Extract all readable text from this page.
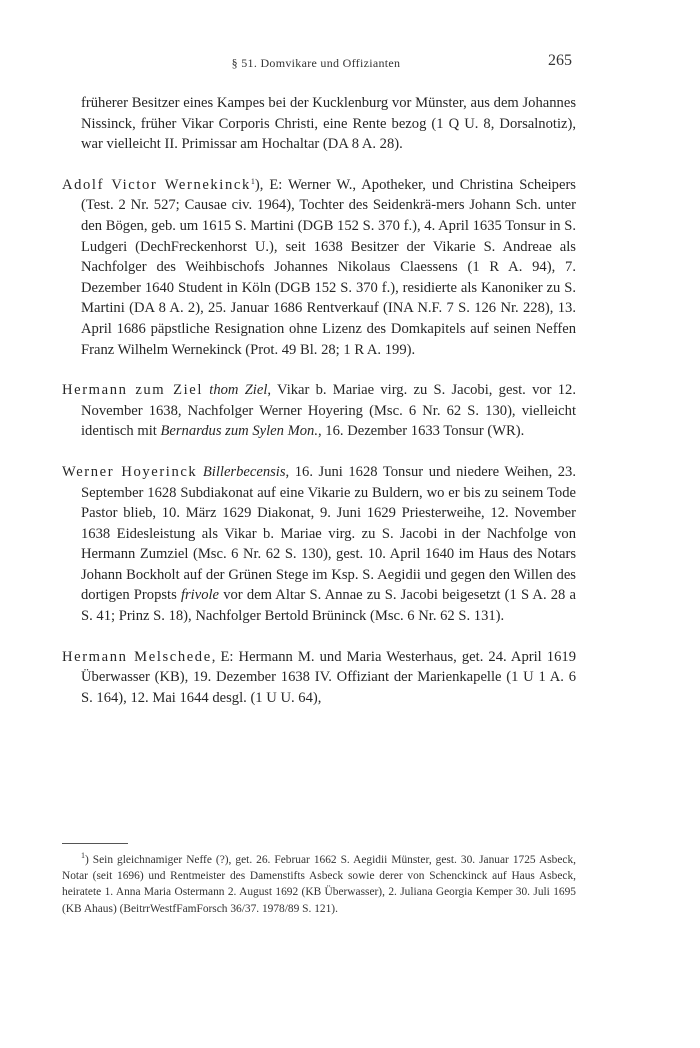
§ 51. Domvikare und Offizianten	265

früherer Besitzer eines Kampes bei der Kucklenburg vor Münster, aus dem Johannes Nissinck, früher Vikar Corporis Christi, eine Rente bezog (1 Q U. 8, Dorsalnotiz), war vielleicht II. Primissar am Hochaltar (DA 8 A. 28).

Adolf Victor Wernekinck$^1$), E: Werner W., Apotheker, und Christina Scheipers (Test. 2 Nr. 527; Causae civ. 1964), Tochter des Seidenkrä-mers Johann Sch. unter den Bögen, geb. um 1615 S. Martini (DGB 152 S. 370 f.), 4. April 1635 Tonsur in S. Ludgeri (DechFreckenhorst U.), seit 1638 Besitzer der Vikarie S. Andreae als Nachfolger des Weihbischofs Johannes Nikolaus Claessens (1 R A. 94), 7. Dezember 1640 Student in Köln (DGB 152 S. 370 f.), residierte als Kanoniker zu S. Martini (DA 8 A. 2), 25. Januar 1686 Rentverkauf (INA N.F. 7 S. 126 Nr. 228), 13. April 1686 päpstliche Resignation ohne Lizenz des Domkapitels auf seinen Neffen Franz Wilhelm Wernekinck (Prot. 49 Bl. 28; 1 R A. 199).

Hermann zum Ziel thom Ziel, Vikar b. Mariae virg. zu S. Jacobi, gest. vor 12. November 1638, Nachfolger Werner Hoyering (Msc. 6 Nr. 62 S. 130), vielleicht identisch mit Bernardus zum Sylen Mon., 16. Dezember 1633 Tonsur (WR).

Werner Hoyerinck Billerbecensis, 16. Juni 1628 Tonsur und niedere Weihen, 23. September 1628 Subdiakonat auf eine Vikarie zu Buldern, wo er bis zu seinem Tode Pastor blieb, 10. März 1629 Diakonat, 9. Juni 1629 Priesterweihe, 12. November 1638 Eidesleistung als Vikar b. Mariae virg. zu S. Jacobi in der Nachfolge von Hermann Zumziel (Msc. 6 Nr. 62 S. 130), gest. 10. April 1640 im Haus des Notars Johann Bockholt auf der Grünen Stege im Ksp. S. Aegidii und gegen den Willen des dortigen Propsts frivole vor dem Altar S. Annae zu S. Jacobi beigesetzt (1 S A. 28 a S. 41; Prinz S. 18), Nachfolger Bertold Brüninck (Msc. 6 Nr. 62 S. 131).

Hermann Melschede, E: Hermann M. und Maria Westerhaus, get. 24. April 1619 Überwasser (KB), 19. Dezember 1638 IV. Offiziant der Marienkapelle (1 U 1 A. 6 S. 164), 12. Mai 1644 desgl. (1 U U. 64),

$^1$) Sein gleichnamiger Neffe (?), get. 26. Februar 1662 S. Aegidii Münster, gest. 30. Januar 1725 Asbeck, Notar (seit 1696) und Rentmeister des Damenstifts Asbeck sowie derer von Schenckinck auf Haus Asbeck, heiratete 1. Anna Maria Ostermann 2. August 1692 (KB Überwasser), 2. Juliana Georgia Kemper 30. Juli 1695 (KB Ahaus) (BeitrrWestfFamForsch 36/37. 1978/89 S. 121).
